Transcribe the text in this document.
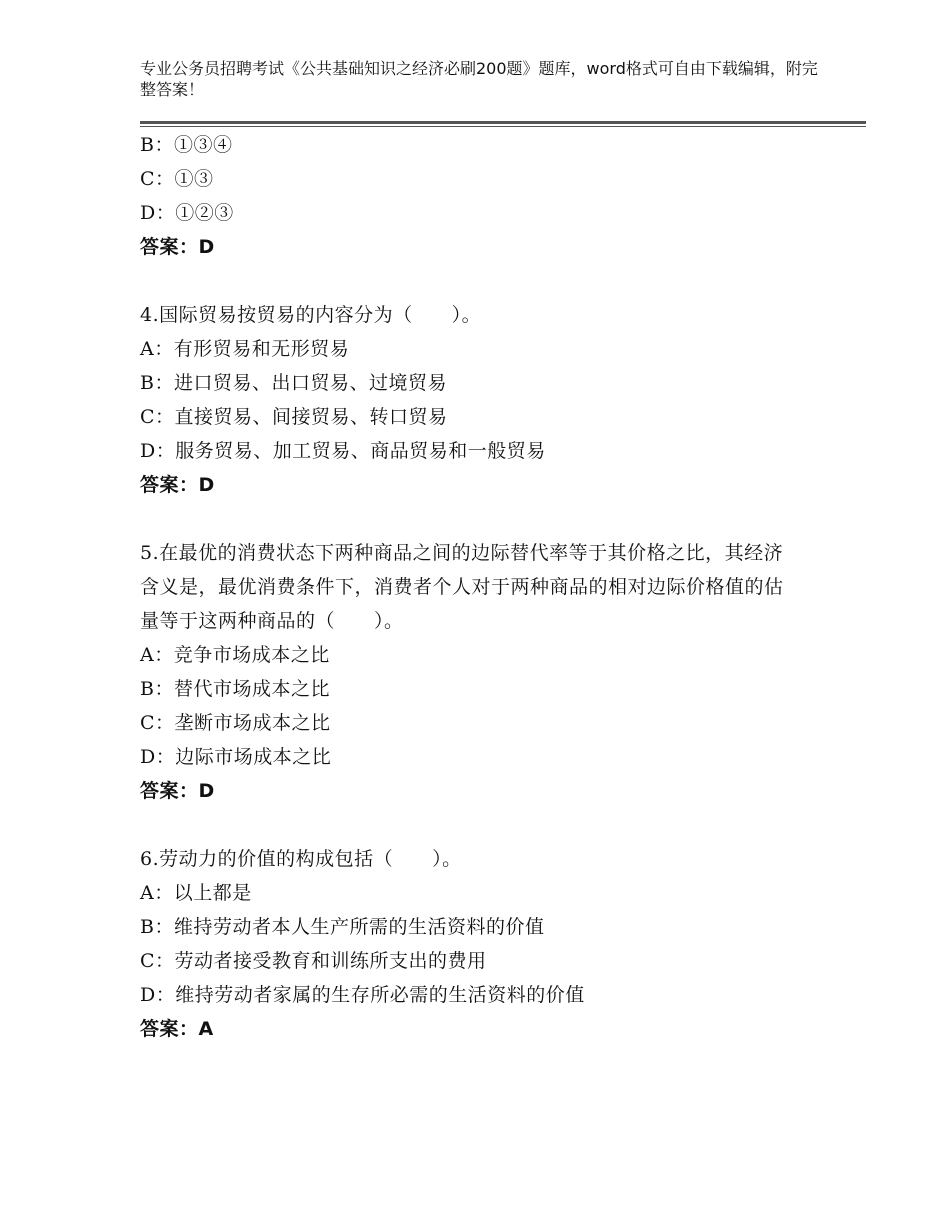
专业公务员招聘考试《公共基础知识之经济必刷200题》题库，word格式可自由下载编辑，附完整答案！
B：①③④
C：①③
D：①②③
答案：D
4.国际贸易按贸易的内容分为（　　）。
A：有形贸易和无形贸易
B：进口贸易、出口贸易、过境贸易
C：直接贸易、间接贸易、转口贸易
D：服务贸易、加工贸易、商品贸易和一般贸易
答案：D
5.在最优的消费状态下两种商品之间的边际替代率等于其价格之比，其经济含义是，最优消费条件下，消费者个人对于两种商品的相对边际价格值的估量等于这两种商品的（　　）。
A：竞争市场成本之比
B：替代市场成本之比
C：垄断市场成本之比
D：边际市场成本之比
答案：D
6.劳动力的价值的构成包括（　　）。
A：以上都是
B：维持劳动者本人生产所需的生活资料的价值
C：劳动者接受教育和训练所支出的费用
D：维持劳动者家属的生存所必需的生活资料的价值
答案：A
